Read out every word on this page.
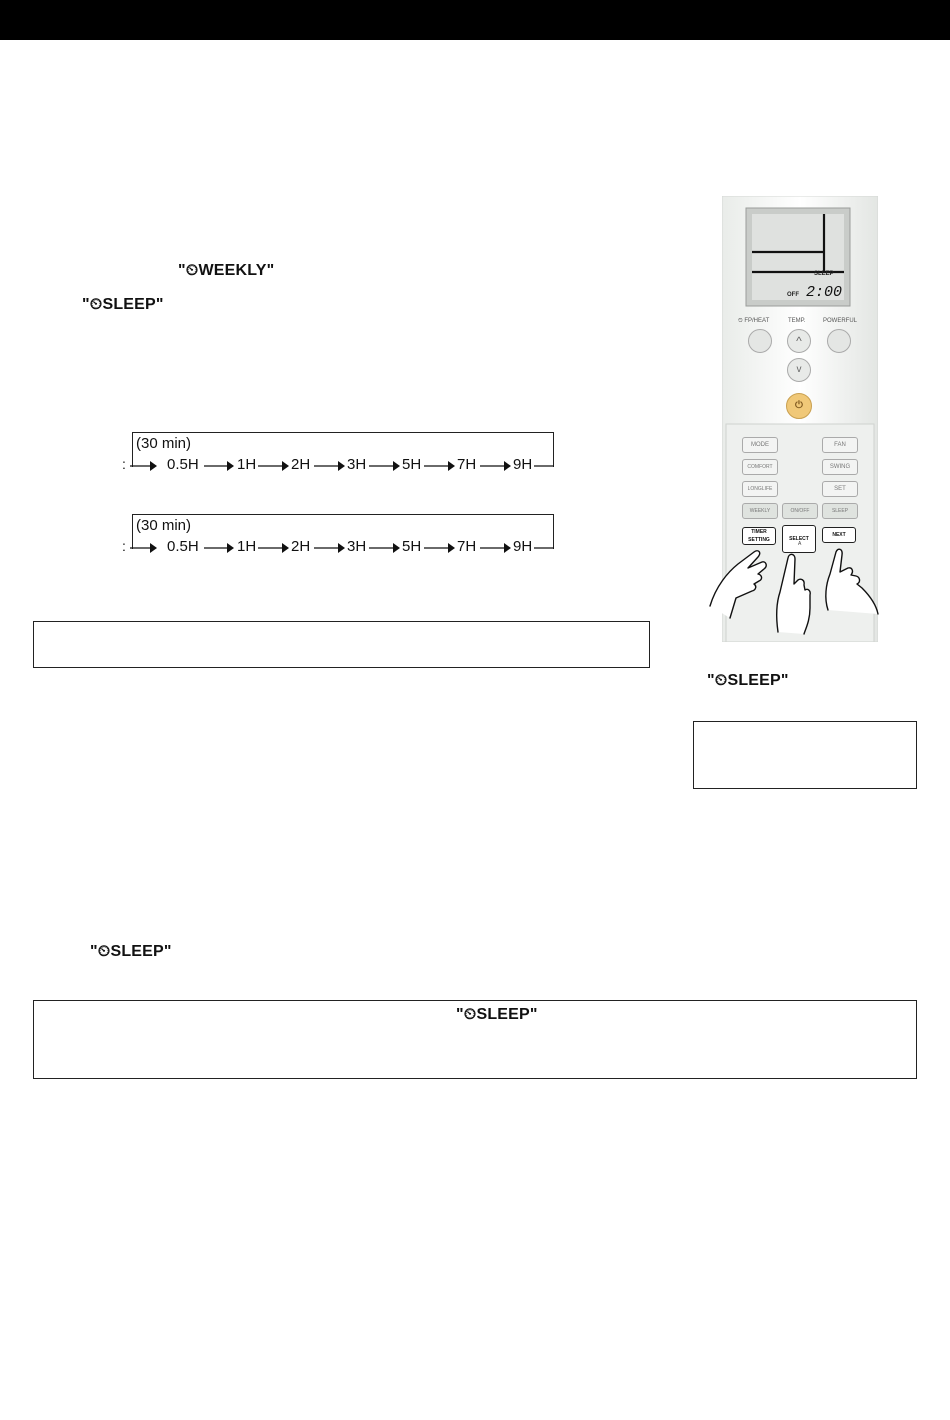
"⏲WEEKLY"
"⏲SLEEP"
(30 min)
:	0.5H	1H 2H 3H 5H 7H 9H
(30 min)
:	0.5H	1H 2H 3H 5H 7H 9H
SLEEP
OFF 2:00
⏲ FP/HEAT	TEMP.	POWERFUL
^
v
⏻
MODE	FAN
COMFORT	SWING
LONGLIFE	SET
WEEKLY	ON/OFF	SLEEP
TIMER SETTING	SELECT
NEXT
A
"⏲SLEEP"
"⏲SLEEP"
"⏲SLEEP"
